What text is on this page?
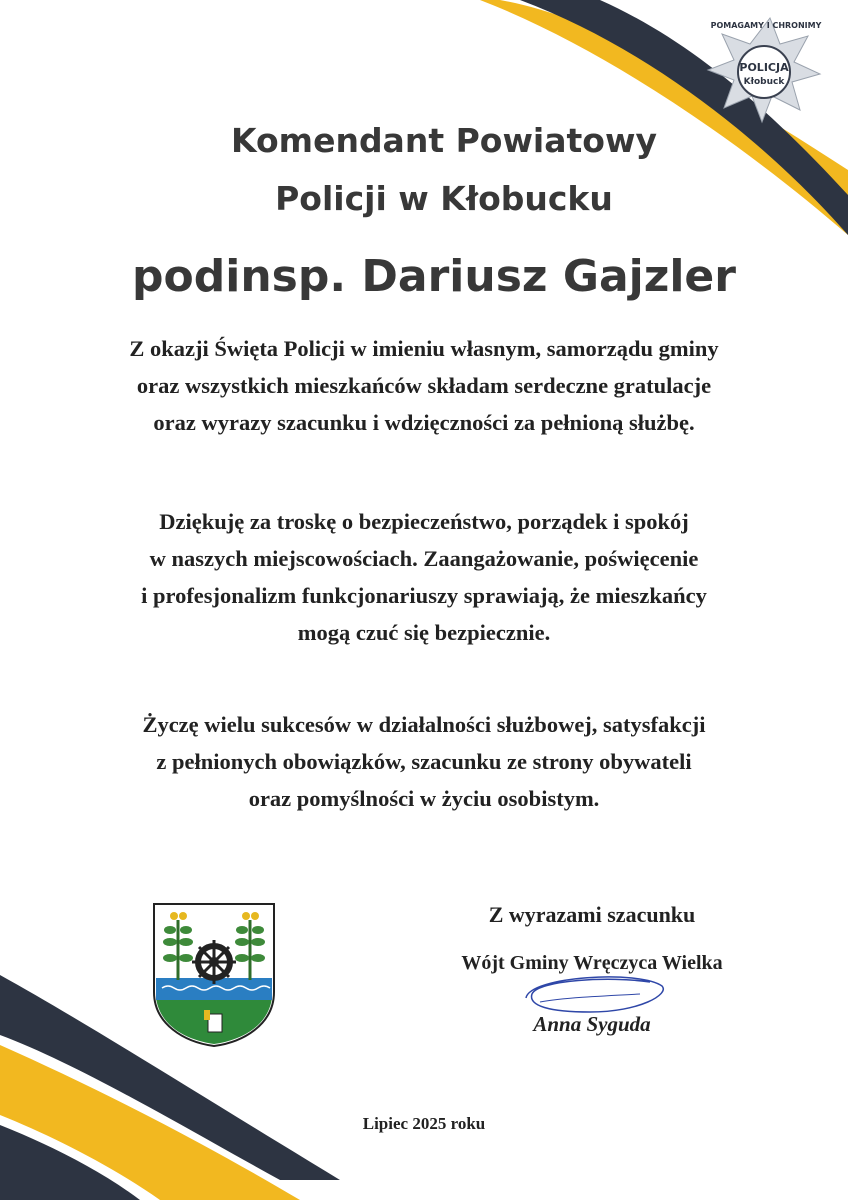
POLICJA
Kłobuck
POMAGAMY I CHRONIMY
Komendant Powiatowy
Policji w Kłobucku
podinsp. Dariusz Gajzler
Z okazji Święta Policji w imieniu własnym, samorządu gminy
oraz wszystkich mieszkańców składam serdeczne gratulacje
oraz wyrazy szacunku i wdzięczności za pełnioną służbę.
Dziękuję za troskę o bezpieczeństwo, porządek i spokój
w naszych miejscowościach. Zaangażowanie, poświęcenie
i profesjonalizm funkcjonariuszy sprawiają, że mieszkańcy
mogą czuć się bezpiecznie.
Życzę wielu sukcesów w działalności służbowej, satysfakcji
z pełnionych obowiązków, szacunku ze strony obywateli
oraz pomyślności w życiu osobistym.
Z wyrazami szacunku
Wójt Gminy Wręczyca Wielka
Anna Syguda
Lipiec 2025 roku
